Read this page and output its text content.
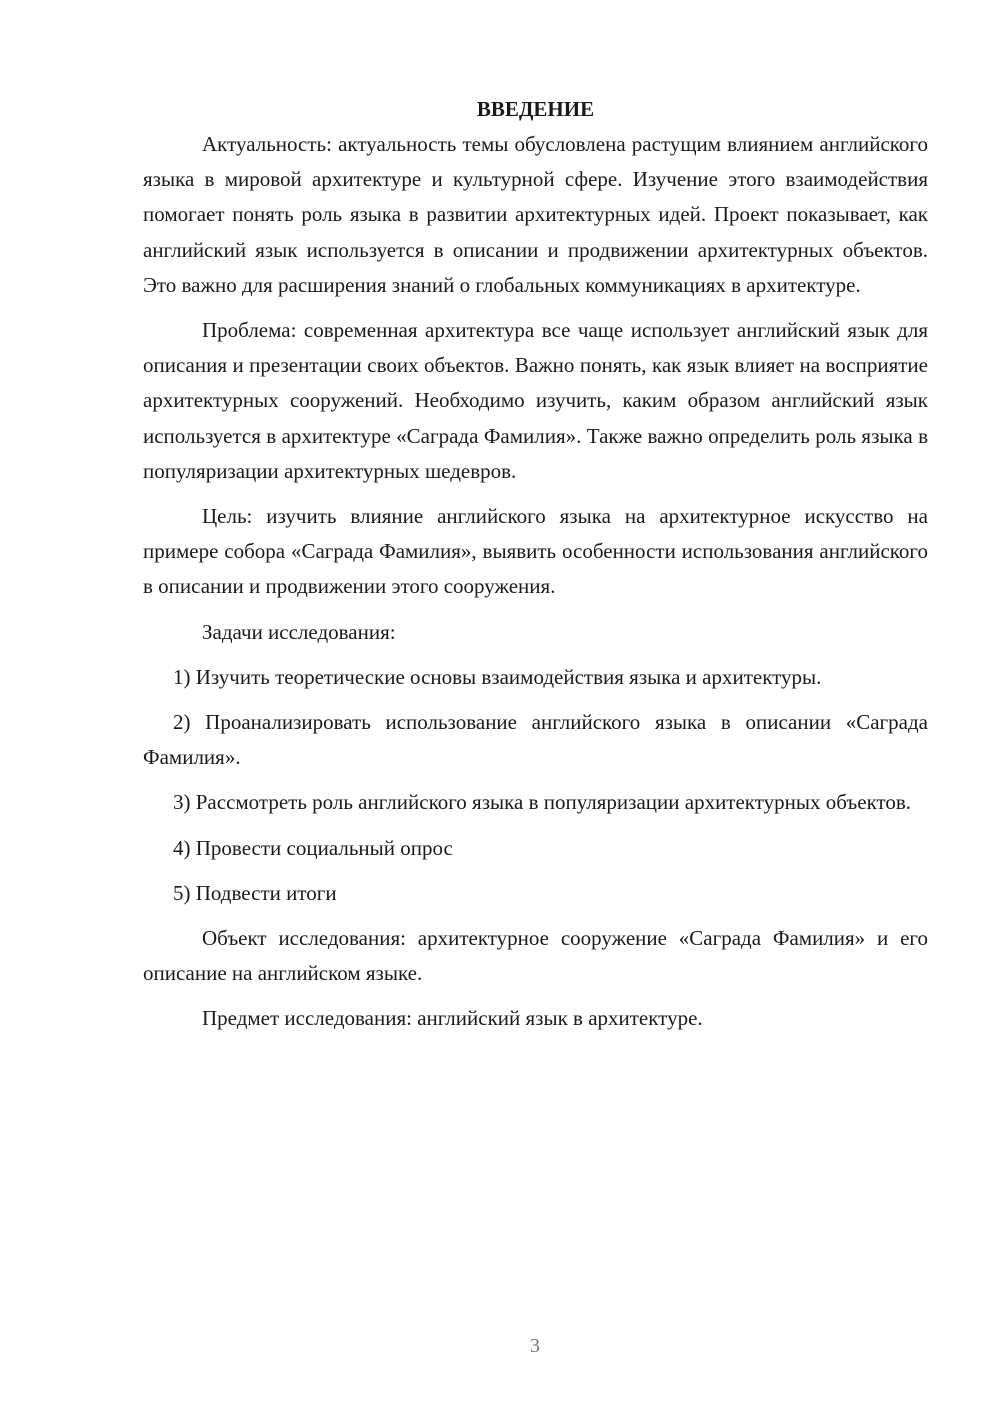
ВВЕДЕНИЕ

Актуальность: актуальность темы обусловлена растущим влиянием английского языка в мировой архитектуре и культурной сфере. Изучение этого взаимодействия помогает понять роль языка в развитии архитектурных идей. Проект показывает, как английский язык используется в описании и продвижении архитектурных объектов. Это важно для расширения знаний о глобальных коммуникациях в архитектуре.

Проблема: современная архитектура все чаще использует английский язык для описания и презентации своих объектов. Важно понять, как язык влияет на восприятие архитектурных сооружений. Необходимо изучить, каким образом английский язык используется в архитектуре «Саграда Фамилия». Также важно определить роль языка в популяризации архитектурных шедевров.

Цель: изучить влияние английского языка на архитектурное искусство на примере собора «Саграда Фамилия», выявить особенности использования английского в описании и продвижении этого сооружения.

Задачи исследования:

1) Изучить теоретические основы взаимодействия языка и архитектуры.

2) Проанализировать использование английского языка в описании «Саграда Фамилия».

3) Рассмотреть роль английского языка в популяризации архитектурных объектов.

4) Провести социальный опрос

5) Подвести итоги

Объект исследования: архитектурное сооружение «Саграда Фамилия» и его описание на английском языке.

Предмет исследования: английский язык в архитектуре.

3
